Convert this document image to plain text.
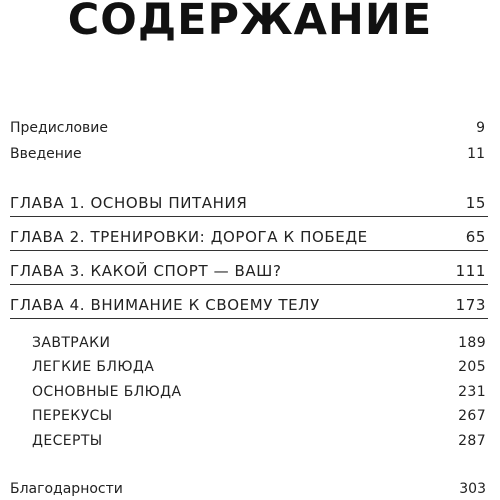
СОДЕРЖАНИЕ
Предисловие	9
Введение	11
ГЛАВА 1. ОСНОВЫ ПИТАНИЯ	15
ГЛАВА 2. ТРЕНИРОВКИ: ДОРОГА К ПОБЕДЕ	65
ГЛАВА 3. КАКОЙ СПОРТ — ВАШ?	111
ГЛАВА 4. ВНИМАНИЕ К СВОЕМУ ТЕЛУ	173
ЗАВТРАКИ	189
ЛЕГКИЕ БЛЮДА	205
ОСНОВНЫЕ БЛЮДА	231
ПЕРЕКУСЫ	267
ДЕСЕРТЫ	287
Благодарности	303
